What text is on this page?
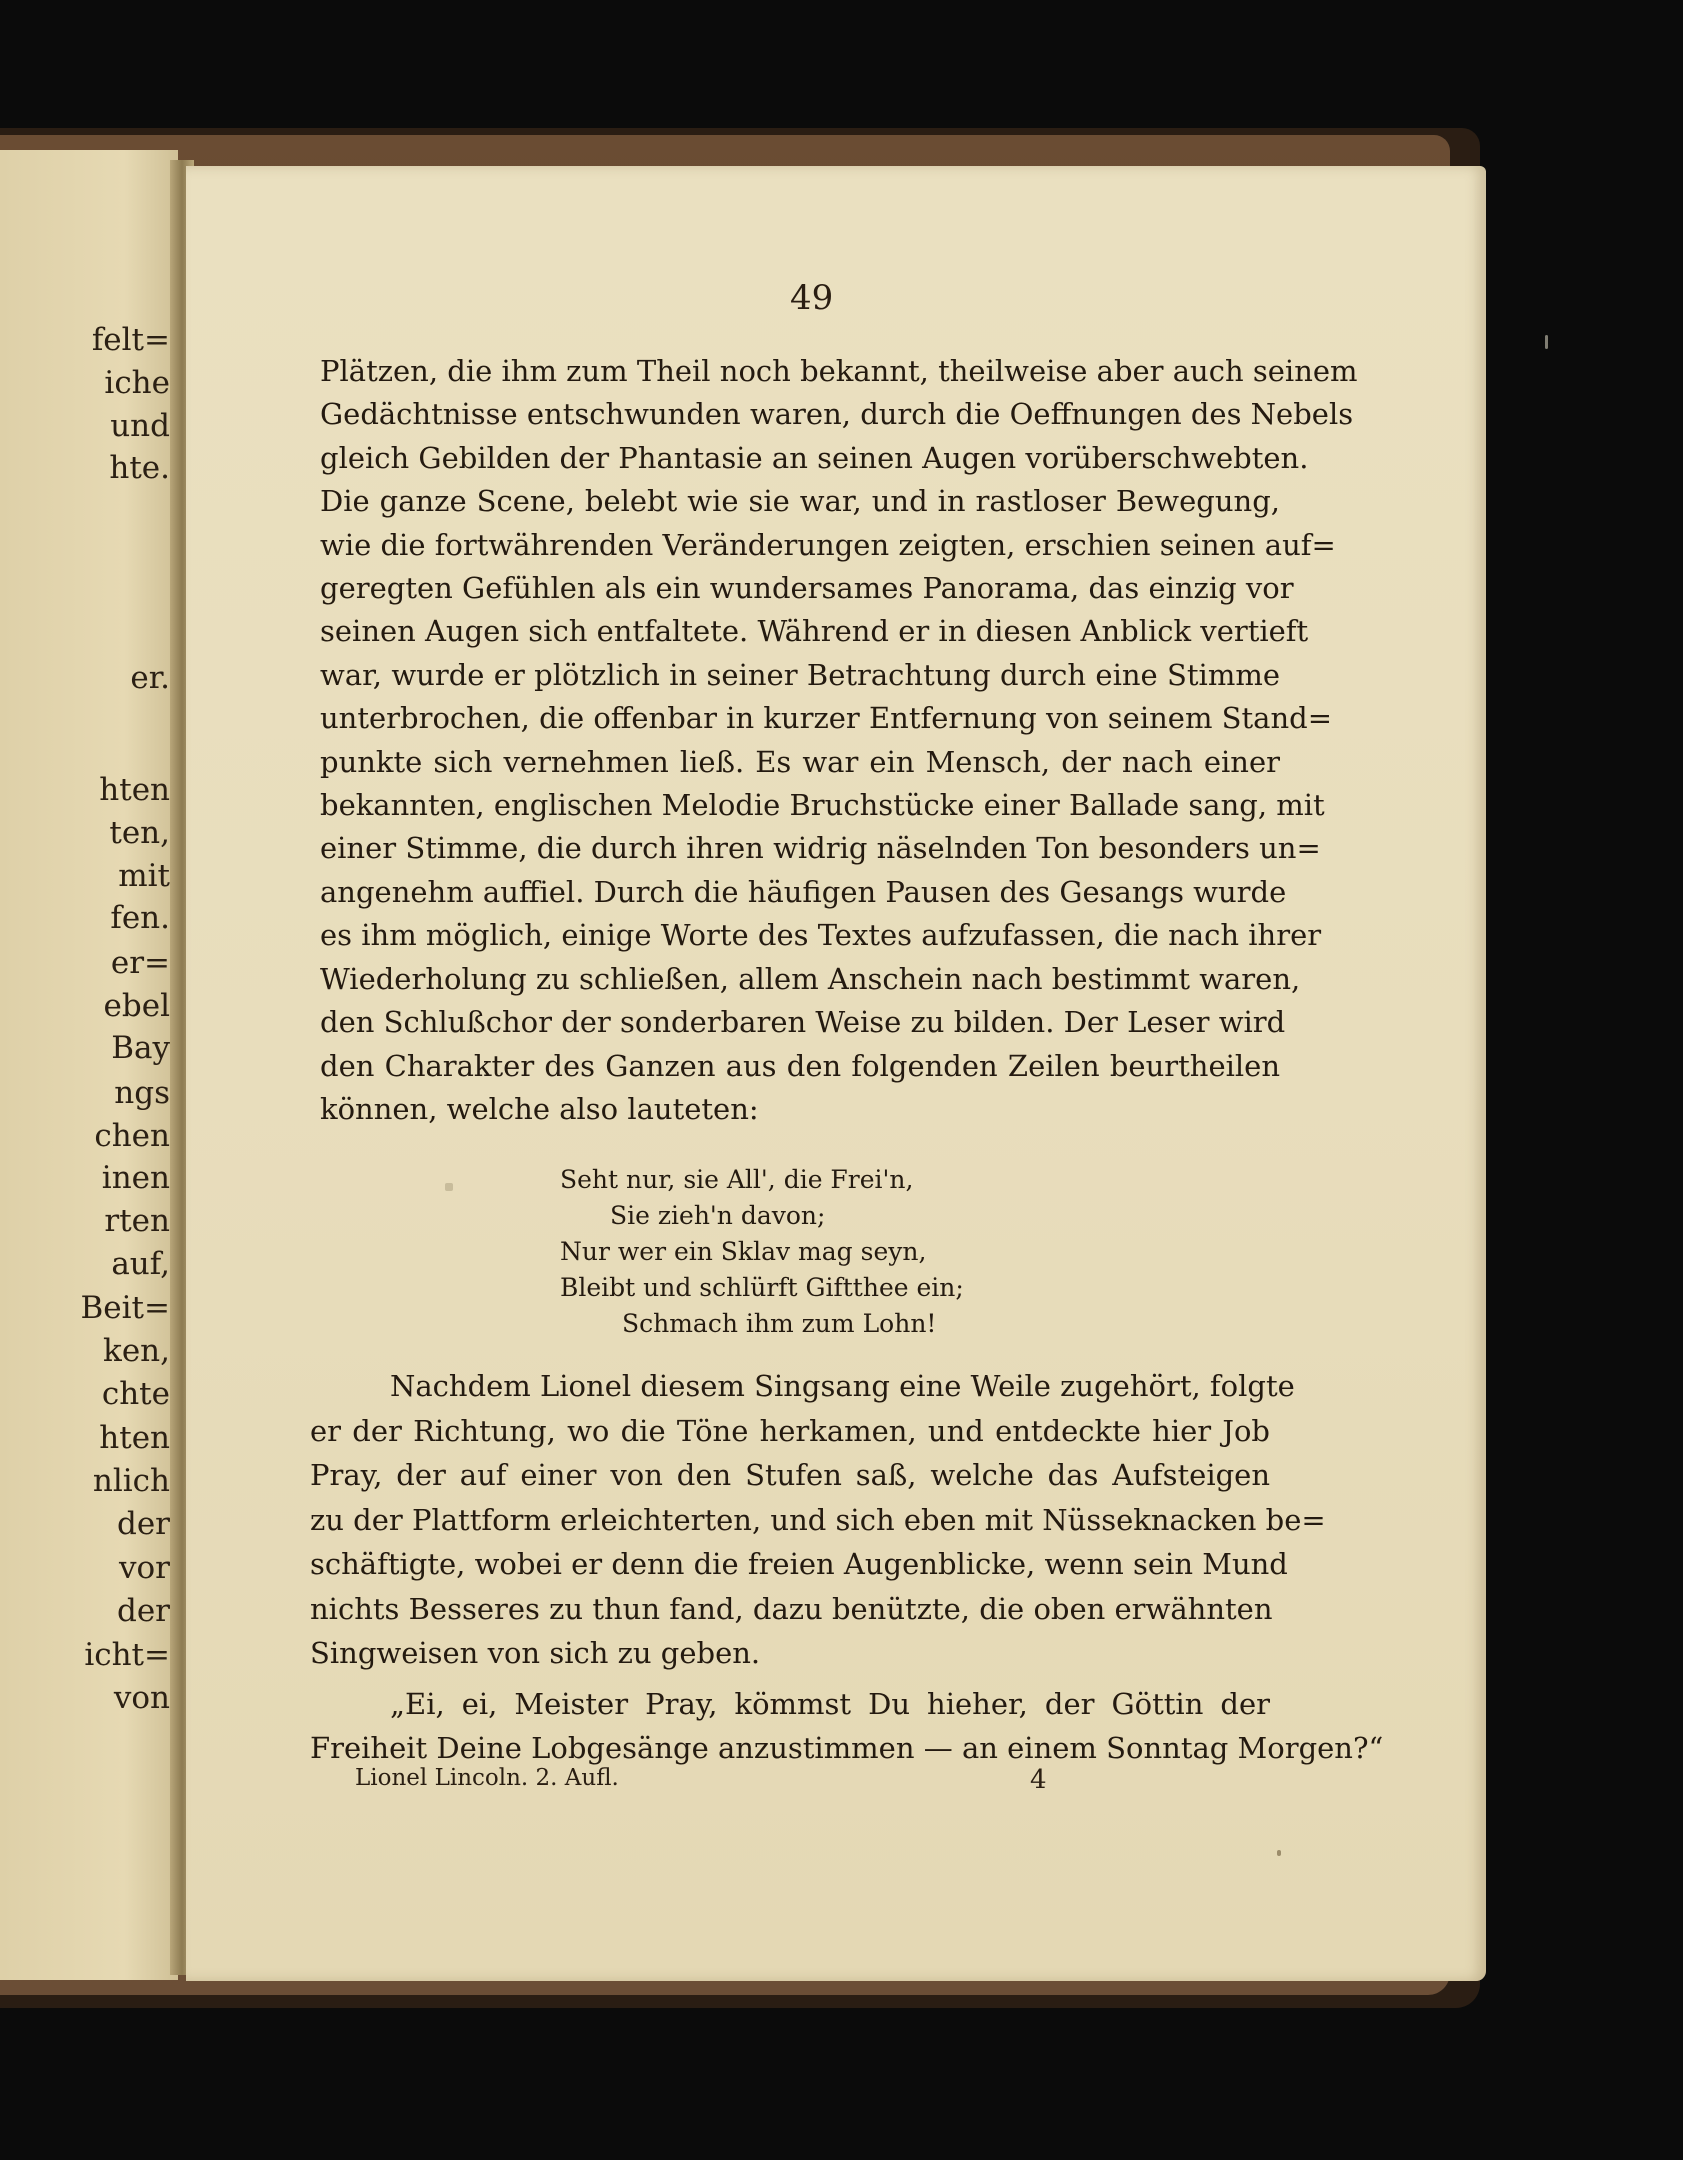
felt=
iche
und
hte.
er.
hten
ten,
mit
fen.
er=
ebel
Bay
ngs
chen
inen
rten
auf,
Beit=
ken,
chte
hten
nlich
der
vor
der
icht=
von
49
Plätzen, die ihm zum Theil noch bekannt, theilweise aber auch seinem
Gedächtnisse entschwunden waren, durch die Oeffnungen des Nebels
gleich Gebilden der Phantasie an seinen Augen vorüberschwebten.
Die ganze Scene, belebt wie sie war, und in rastloser Bewegung,
wie die fortwährenden Veränderungen zeigten, erschien seinen auf=
geregten Gefühlen als ein wundersames Panorama, das einzig vor
seinen Augen sich entfaltete. Während er in diesen Anblick vertieft
war, wurde er plötzlich in seiner Betrachtung durch eine Stimme
unterbrochen, die offenbar in kurzer Entfernung von seinem Stand=
punkte sich vernehmen ließ. Es war ein Mensch, der nach einer
bekannten, englischen Melodie Bruchstücke einer Ballade sang, mit
einer Stimme, die durch ihren widrig näselnden Ton besonders un=
angenehm auffiel. Durch die häufigen Pausen des Gesangs wurde
es ihm möglich, einige Worte des Textes aufzufassen, die nach ihrer
Wiederholung zu schließen, allem Anschein nach bestimmt waren,
den Schlußchor der sonderbaren Weise zu bilden. Der Leser wird
den Charakter des Ganzen aus den folgenden Zeilen beurtheilen
können, welche also lauteten:
Seht nur, sie All', die Frei'n,
Sie zieh'n davon;
Nur wer ein Sklav mag seyn,
Bleibt und schlürft Giftthee ein;
Schmach ihm zum Lohn!
Nachdem Lionel diesem Singsang eine Weile zugehört, folgte
er der Richtung, wo die Töne herkamen, und entdeckte hier Job
Pray, der auf einer von den Stufen saß, welche das Aufsteigen
zu der Plattform erleichterten, und sich eben mit Nüsseknacken be=
schäftigte, wobei er denn die freien Augenblicke, wenn sein Mund
nichts Besseres zu thun fand, dazu benützte, die oben erwähnten
Singweisen von sich zu geben.
„Ei, ei, Meister Pray, kömmst Du hieher, der Göttin der
Freiheit Deine Lobgesänge anzustimmen — an einem Sonntag Morgen?“
Lionel Lincoln. 2. Aufl.	4
